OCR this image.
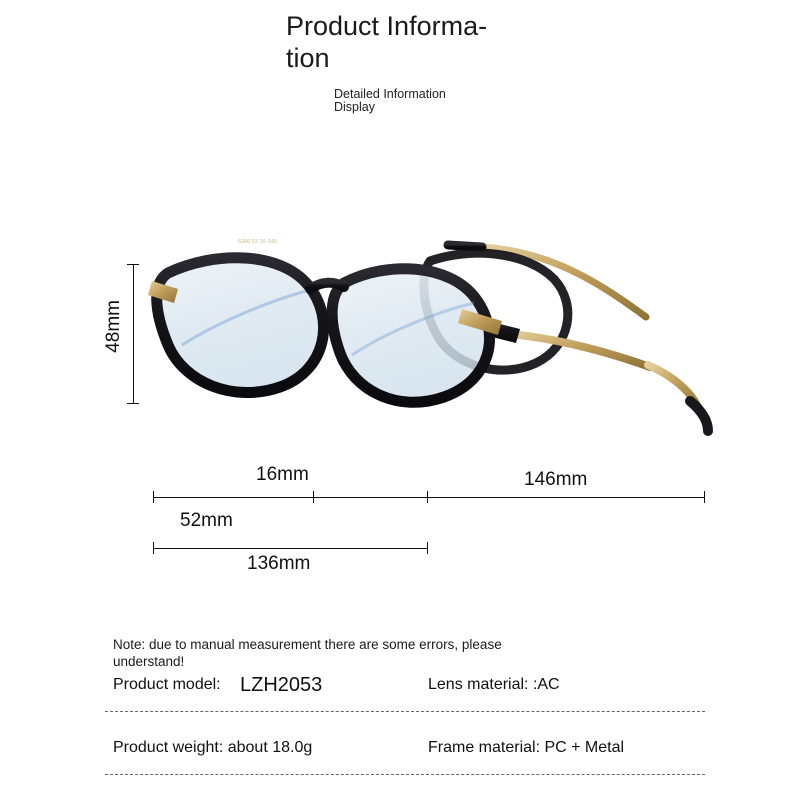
Product Informa-tion
Detailed Information Display
5206 52-16-146
48mm
16mm	146mm
52mm
136mm
Note: due to manual measurement there are some errors, please understand!
Product model: LZH2053	Lens material: :AC
Product weight: about 18.0g	Frame material: PC + Metal
